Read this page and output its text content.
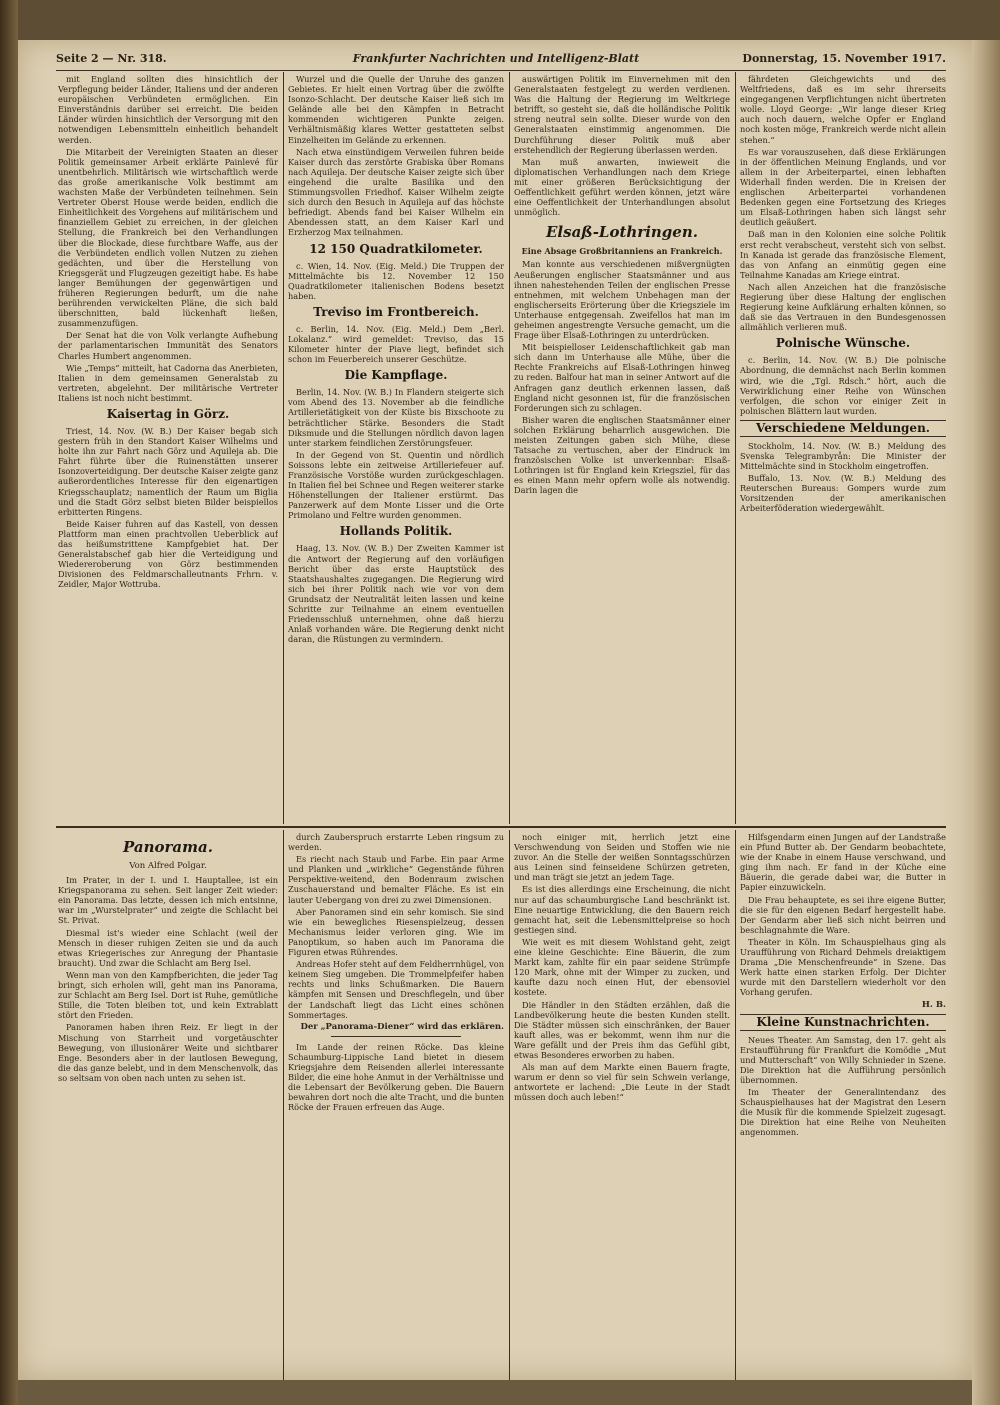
Seite 2 — Nr. 318.	Frankfurter Nachrichten und Intelligenz-Blatt	Donnerstag, 15. November 1917.

mit England sollten dies hinsichtlich der Verpflegung beider Länder, Italiens und der anderen europäischen Verbündeten ermöglichen. Ein Einverständnis darüber sei erreicht. Die beiden Länder würden hinsichtlich der Versorgung mit den notwendigen Lebensmitteln einheitlich behandelt werden.

Die Mitarbeit der Vereinigten Staaten an dieser Politik gemeinsamer Arbeit erklärte Painlevé für unentbehrlich. Militärisch wie wirtschaftlich werde das große amerikanische Volk bestimmt am wachsten Maße der Verbündeten teilnehmen. Sein Vertreter Oberst House werde beiden, endlich die Einheitlichkeit des Vorgehens auf militärischem und finanziellem Gebiet zu erreichen, in der gleichen Stellung, die Frankreich bei den Verhandlungen über die Blockade, diese furchtbare Waffe, aus der die Verbündeten endlich vollen Nutzen zu ziehen gedächten, und über die Herstellung von Kriegsgerät und Flugzeugen gezeitigt habe. Es habe langer Bemühungen der gegenwärtigen und früheren Regierungen bedurft, um die nahe berührenden verwickelten Pläne, die sich bald überschnitten, bald lückenhaft ließen, zusammenzufügen.

Der Senat hat die von Volk verlangte Aufhebung der parlamentarischen Immunität des Senators Charles Humbert angenommen.

Wie „Temps“ mitteilt, hat Cadorna das Anerbieten, Italien in dem gemeinsamen Generalstab zu vertreten, abgelehnt. Der militärische Vertreter Italiens ist noch nicht bestimmt.

Kaisertag in Görz.

Triest, 14. Nov. (W. B.) Der Kaiser begab sich gestern früh in den Standort Kaiser Wilhelms und holte ihn zur Fahrt nach Görz und Aquileja ab. Die Fahrt führte über die Ruinenstätten unserer Isonzoverteidigung. Der deutsche Kaiser zeigte ganz außerordentliches Interesse für den eigenartigen Kriegsschauplatz; namentlich der Raum um Biglia und die Stadt Görz selbst bieten Bilder beispiellos erbitterten Ringens.

Beide Kaiser fuhren auf das Kastell, von dessen Plattform man einen prachtvollen Ueberblick auf das heißumstrittene Kampfgebiet hat. Der Generalstabschef gab hier die Verteidigung und Wiedereroberung von Görz bestimmenden Divisionen des Feldmarschalleutnants Frhrn. v. Zeidler, Major Wottruba.

Wurzel und die Quelle der Unruhe des ganzen Gebietes. Er hielt einen Vortrag über die zwölfte Isonzo-Schlacht. Der deutsche Kaiser ließ sich im Gelände alle bei den Kämpfen in Betracht kommenden wichtigeren Punkte zeigen. Verhältnismäßig klares Wetter gestatteten selbst Einzelheiten im Gelände zu erkennen.

Nach etwa einstündigem Verweilen fuhren beide Kaiser durch das zerstörte Grabiska über Romans nach Aquileja. Der deutsche Kaiser zeigte sich über eingehend die uralte Basilika und den Stimmungsvollen Friedhof. Kaiser Wilhelm zeigte sich durch den Besuch in Aquileja auf das höchste befriedigt. Abends fand bei Kaiser Wilhelm ein Abendessen statt, an dem Kaiser Karl und Erzherzog Max teilnahmen.

12 150 Quadratkilometer.

c. Wien, 14. Nov. (Eig. Meld.) Die Truppen der Mittelmächte bis 12. November 12 150 Quadratkilometer italienischen Bodens besetzt haben.

Treviso im Frontbereich.

c. Berlin, 14. Nov. (Eig. Meld.) Dem „Berl. Lokalanz.“ wird gemeldet: Treviso, das 15 Kilometer hinter der Piave liegt, befindet sich schon im Feuerbereich unserer Geschütze.

Die Kampflage.

Berlin, 14. Nov. (W. B.) In Flandern steigerte sich vom Abend des 13. November ab die feindliche Artillerietätigkeit von der Küste bis Bixschoote zu beträchtlicher Stärke. Besonders die Stadt Diksmude und die Stellungen nördlich davon lagen unter starkem feindlichen Zerstörungsfeuer.

In der Gegend von St. Quentin und nördlich Soissons lebte ein zeitweise Artilleriefeuer auf. Französische Vorstöße wurden zurückgeschlagen. In Italien fiel bei Schnee und Regen weiterer starke Höhenstellungen der Italiener erstürmt. Das Panzerwerk auf dem Monte Lisser und die Orte Primolano und Feltre wurden genommen.

Hollands Politik.

Haag, 13. Nov. (W. B.) Der Zweiten Kammer ist die Antwort der Regierung auf den vorläufigen Bericht über das erste Hauptstück des Staatshaushaltes zugegangen. Die Regierung wird sich bei ihrer Politik nach wie vor von dem Grundsatz der Neutralität leiten lassen und keine Schritte zur Teilnahme an einem eventuellen Friedensschluß unternehmen, ohne daß hierzu Anlaß vorhanden wäre. Die Regierung denkt nicht daran, die Rüstungen zu vermindern.

auswärtigen Politik im Einvernehmen mit den Generalstaaten festgelegt zu werden verdienen. Was die Haltung der Regierung im Weltkriege betrifft, so gesteht sie, daß die holländische Politik streng neutral sein sollte. Dieser wurde von den Generalstaaten einstimmig angenommen. Die Durchführung dieser Politik muß aber erstehendlich der Regierung überlassen werden.

Man muß anwarten, inwieweit die diplomatischen Verhandlungen nach dem Kriege mit einer größeren Berücksichtigung der Oeffentlichkeit geführt werden können, jetzt wäre eine Oeffentlichkeit der Unterhandlungen absolut unmöglich.

Elsaß-Lothringen.
Eine Absage Großbritanniens an Frankreich.

Man konnte aus verschiedenen mißvergnügten Aeußerungen englischer Staatsmänner und aus ihnen nahestehenden Teilen der englischen Presse entnehmen, mit welchem Unbehagen man der englischerseits Erörterung über die Kriegsziele im Unterhause entgegensah. Zweifellos hat man im geheimen angestrengte Versuche gemacht, um die Frage über Elsaß-Lothringen zu unterdrücken.

Mit beispielloser Leidenschaftlichkeit gab man sich dann im Unterhause alle Mühe, über die Rechte Frankreichs auf Elsaß-Lothringen hinweg zu reden. Balfour hat man in seiner Antwort auf die Anfragen ganz deutlich erkennen lassen, daß England nicht gesonnen ist, für die französischen Forderungen sich zu schlagen.

Bisher waren die englischen Staatsmänner einer solchen Erklärung beharrlich ausgewichen. Die meisten Zeitungen gaben sich Mühe, diese Tatsache zu vertuschen, aber der Eindruck im französischen Volke ist unverkennbar: Elsaß-Lothringen ist für England kein Kriegsziel, für das es einen Mann mehr opfern wolle als notwendig. Darin lagen die

fährdeten Gleichgewichts und des Weltfriedens, daß es im sehr ihrerseits eingegangenen Verpflichtungen nicht übertreten wolle. Lloyd George: „Wir lange dieser Krieg auch noch dauern, welche Opfer er England noch kosten möge, Frankreich werde nicht allein stehen.“

Es war vorauszusehen, daß diese Erklärungen in der öffentlichen Meinung Englands, und vor allem in der Arbeiterpartei, einen lebhaften Widerhall finden werden. Die in Kreisen der englischen Arbeiterpartei vorhandenen Bedenken gegen eine Fortsetzung des Krieges um Elsaß-Lothringen haben sich längst sehr deutlich geäußert.

Daß man in den Kolonien eine solche Politik erst recht verabscheut, versteht sich von selbst. In Kanada ist gerade das französische Element, das von Anfang an einmütig gegen eine Teilnahme Kanadas am Kriege eintrat.

Nach allen Anzeichen hat die französische Regierung über diese Haltung der englischen Regierung keine Aufklärung erhalten können, so daß sie das Vertrauen in den Bundesgenossen allmählich verlieren muß.

Polnische Wünsche.

c. Berlin, 14. Nov. (W. B.) Die polnische Abordnung, die demnächst nach Berlin kommen wird, wie die „Tgl. Rdsch.“ hört, auch die Verwirklichung einer Reihe von Wünschen verfolgen, die schon vor einiger Zeit in polnischen Blättern laut wurden.

Verschiedene Meldungen.

Stockholm, 14. Nov. (W. B.) Meldung des Svenska Telegrambyrån: Die Minister der Mittelmächte sind in Stockholm eingetroffen.

Buffalo, 13. Nov. (W. B.) Meldung des Reuterschen Bureaus: Gompers wurde zum Vorsitzenden der amerikanischen Arbeiterföderation wiedergewählt.

Panorama.
Von Alfred Polgar.

Im Prater, in der I. und I. Hauptallee, ist ein Kriegspanorama zu sehen. Seit langer Zeit wieder: ein Panorama. Das letzte, dessen ich mich entsinne, war im „Wurstelprater“ und zeigte die Schlacht bei St. Privat.

Diesmal ist's wieder eine Schlacht (weil der Mensch in dieser ruhigen Zeiten sie und da auch etwas Kriegerisches zur Anregung der Phantasie braucht). Und zwar die Schlacht am Berg Isel.

Wenn man von den Kampfberichten, die jeder Tag bringt, sich erholen will, geht man ins Panorama, zur Schlacht am Berg Isel. Dort ist Ruhe, gemütliche Stille, die Toten bleiben tot, und kein Extrablatt stört den Frieden.

Panoramen haben ihren Reiz. Er liegt in der Mischung von Starrheit und vorgetäuschter Bewegung, von illusionärer Weite und sichtbarer Enge. Besonders aber in der lautlosen Bewegung, die das ganze belebt, und in dem Menschenvolk, das so seltsam von oben nach unten zu sehen ist.

durch Zauberspruch erstarrte Leben ringsum zu werden.

Es riecht nach Staub und Farbe. Ein paar Arme und Planken und „wirkliche“ Gegenstände führen Perspektive-weitend, den Bodenraum zwischen Zuschauerstand und bemalter Fläche. Es ist ein lauter Uebergang von drei zu zwei Dimensionen.

Aber Panoramen sind ein sehr komisch. Sie sind wie ein bewegliches Riesenspielzeug, dessen Mechanismus leider verloren ging. Wie im Panoptikum, so haben auch im Panorama die Figuren etwas Rührendes.

Andreas Hofer steht auf dem Feldherrnhügel, von keinem Sieg umgeben. Die Trommelpfeifer haben rechts und links Schußmarken. Die Bauern kämpfen mit Sensen und Dreschflegeln, und über der Landschaft liegt das Licht eines schönen Sommertages.

Der „Panorama-Diener“ wird das erklären.

Im Lande der reinen Röcke. Das kleine Schaumburg-Lippische Land bietet in diesem Kriegsjahre dem Reisenden allerlei interessante Bilder, die eine hohe Anmut in der Verhältnisse und die Lebensart der Bevölkerung geben. Die Bauern bewahren dort noch die alte Tracht, und die bunten Röcke der Frauen erfreuen das Auge.

noch einiger mit, herrlich jetzt eine Verschwendung von Seiden und Stoffen wie nie zuvor. An die Stelle der weißen Sonntagsschürzen aus Leinen sind feinseidene Schürzen getreten, und man trägt sie jetzt an jedem Tage.

Es ist dies allerdings eine Erscheinung, die nicht nur auf das schaumburgische Land beschränkt ist. Eine neuartige Entwicklung, die den Bauern reich gemacht hat, seit die Lebensmittelpreise so hoch gestiegen sind.

Wie weit es mit diesem Wohlstand geht, zeigt eine kleine Geschichte: Eine Bäuerin, die zum Markt kam, zahlte für ein paar seidene Strümpfe 120 Mark, ohne mit der Wimper zu zucken, und kaufte dazu noch einen Hut, der ebensoviel kostete.

Die Händler in den Städten erzählen, daß die Landbevölkerung heute die besten Kunden stellt. Die Städter müssen sich einschränken, der Bauer kauft alles, was er bekommt, wenn ihm nur die Ware gefällt und der Preis ihm das Gefühl gibt, etwas Besonderes erworben zu haben.

Als man auf dem Markte einen Bauern fragte, warum er denn so viel für sein Schwein verlange, antwortete er lachend: „Die Leute in der Stadt müssen doch auch leben!“

Hilfsgendarm einen Jungen auf der Landstraße ein Pfund Butter ab. Der Gendarm beobachtete, wie der Knabe in einem Hause verschwand, und ging ihm nach. Er fand in der Küche eine Bäuerin, die gerade dabei war, die Butter in Papier einzuwickeln.

Die Frau behauptete, es sei ihre eigene Butter, die sie für den eigenen Bedarf hergestellt habe. Der Gendarm aber ließ sich nicht beirren und beschlagnahmte die Ware.

Theater in Köln. Im Schauspielhaus ging als Uraufführung von Richard Dehmels dreiaktigem Drama „Die Menschenfreunde“ in Szene. Das Werk hatte einen starken Erfolg. Der Dichter wurde mit den Darstellern wiederholt vor den Vorhang gerufen.

H. B.
Kleine Kunstnachrichten.

Neues Theater. Am Samstag, den 17. geht als Erstaufführung für Frankfurt die Komödie „Mut und Mutterschaft“ von Willy Schnieder in Szene. Die Direktion hat die Aufführung persönlich übernommen.

Im Theater der Generalintendanz des Schauspielhauses hat der Magistrat den Lesern die Musik für die kommende Spielzeit zugesagt. Die Direktion hat eine Reihe von Neuheiten angenommen.
